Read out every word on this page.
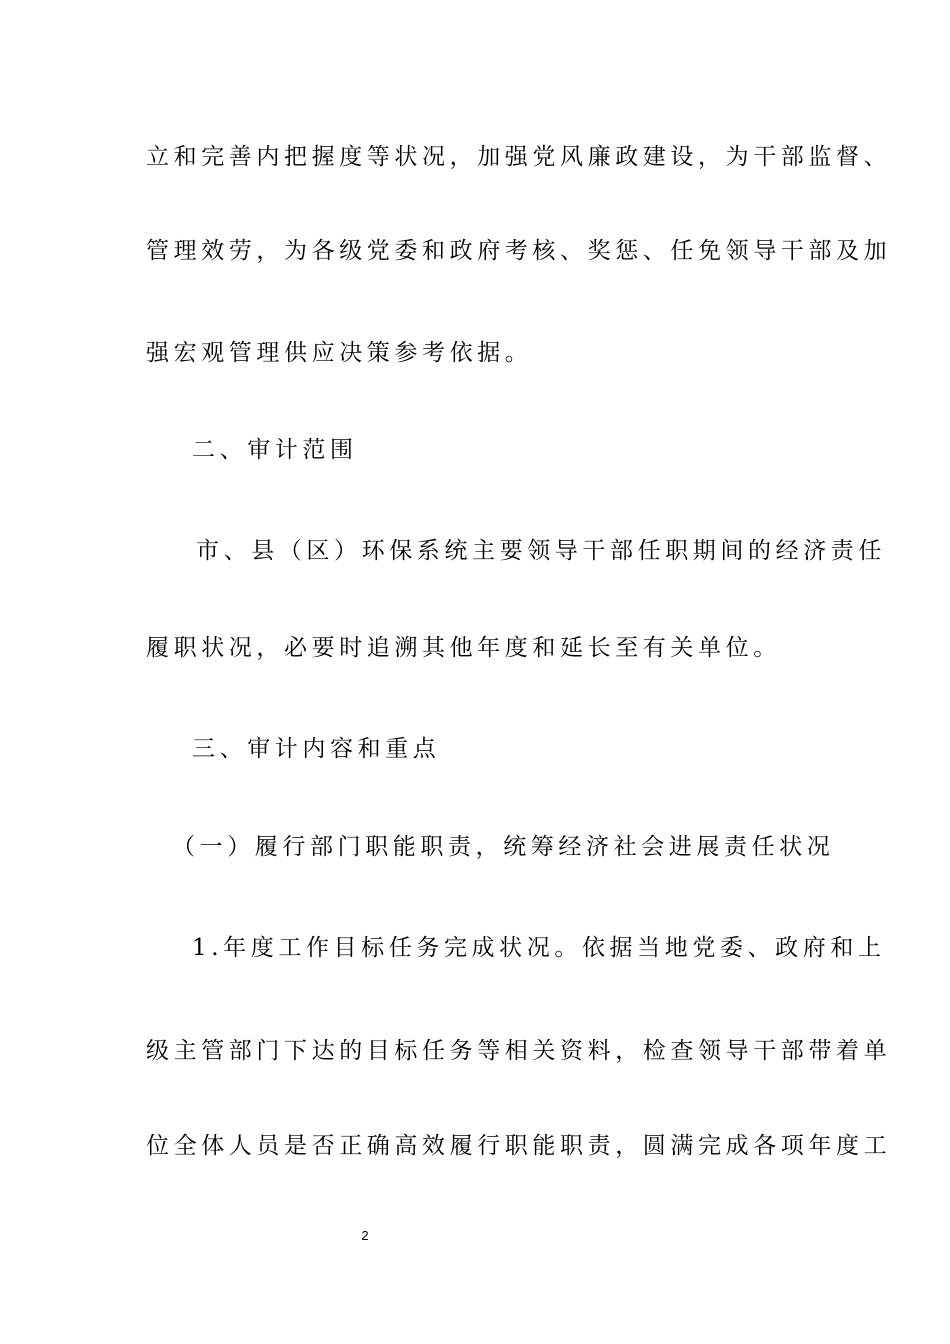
立和完善内把握度等状况，加强党风廉政建设，为干部监督、
管理效劳，为各级党委和政府考核、奖惩、任免领导干部及加
强宏观管理供应决策参考依据。
二、审计范围
市、县（区）环保系统主要领导干部任职期间的经济责任
履职状况，必要时追溯其他年度和延长至有关单位。
三、审计内容和重点
（一）履行部门职能职责，统筹经济社会进展责任状况
1.年度工作目标任务完成状况。依据当地党委、政府和上
级主管部门下达的目标任务等相关资料，检查领导干部带着单
位全体人员是否正确高效履行职能职责，圆满完成各项年度工
2
